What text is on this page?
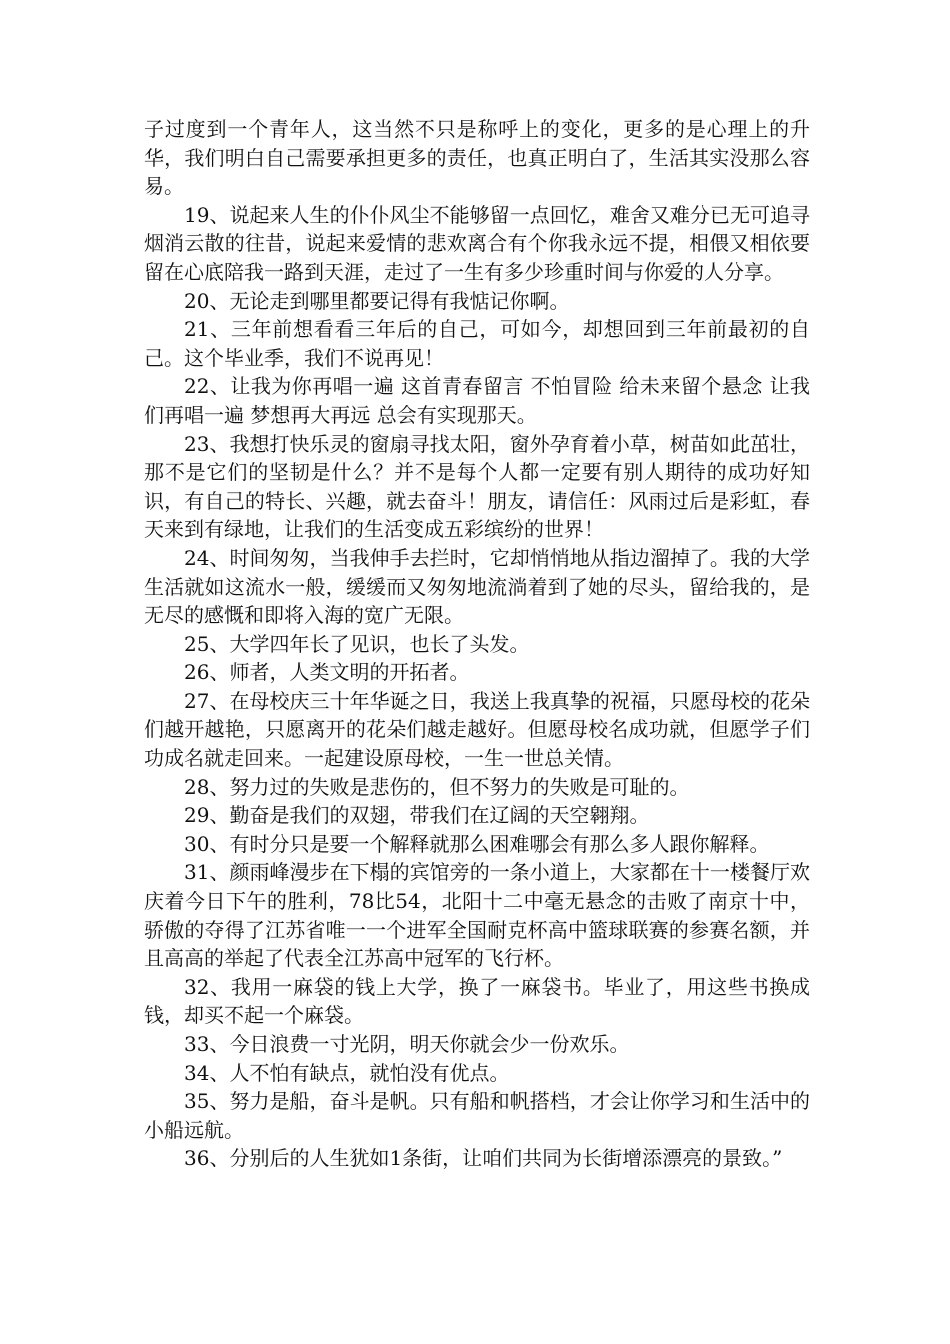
子过度到一个青年人，这当然不只是称呼上的变化，更多的是心理上的升华，我们明白自己需要承担更多的责任，也真正明白了，生活其实没那么容易。

19、说起来人生的仆仆风尘不能够留一点回忆，难舍又难分已无可追寻烟消云散的往昔，说起来爱情的悲欢离合有个你我永远不提，相偎又相依要留在心底陪我一路到天涯，走过了一生有多少珍重时间与你爱的人分享。

20、无论走到哪里都要记得有我惦记你啊。

21、三年前想看看三年后的自己，可如今，却想回到三年前最初的自己。这个毕业季，我们不说再见！

22、让我为你再唱一遍 这首青春留言 不怕冒险 给未来留个悬念 让我们再唱一遍 梦想再大再远 总会有实现那天。

23、我想打快乐灵的窗扇寻找太阳，窗外孕育着小草，树苗如此茁壮，那不是它们的坚韧是什么？并不是每个人都一定要有别人期待的成功好知识，有自己的特长、兴趣，就去奋斗！朋友，请信任：风雨过后是彩虹，春天来到有绿地，让我们的生活变成五彩缤纷的世界！

24、时间匆匆，当我伸手去拦时，它却悄悄地从指边溜掉了。我的大学生活就如这流水一般，缓缓而又匆匆地流淌着到了她的尽头，留给我的，是无尽的感慨和即将入海的宽广无限。

25、大学四年长了见识，也长了头发。

26、师者，人类文明的开拓者。

27、在母校庆三十年华诞之日，我送上我真挚的祝福，只愿母校的花朵们越开越艳，只愿离开的花朵们越走越好。但愿母校名成功就，但愿学子们功成名就走回来。一起建设原母校，一生一世总关情。

28、努力过的失败是悲伤的，但不努力的失败是可耻的。

29、勤奋是我们的双翅，带我们在辽阔的天空翱翔。

30、有时分只是要一个解释就那么困难哪会有那么多人跟你解释。

31、颜雨峰漫步在下榻的宾馆旁的一条小道上，大家都在十一楼餐厅欢庆着今日下午的胜利，78比54，北阳十二中毫无悬念的击败了南京十中，骄傲的夺得了江苏省唯一一个进军全国耐克杯高中篮球联赛的参赛名额，并且高高的举起了代表全江苏高中冠军的飞行杯。

32、我用一麻袋的钱上大学，换了一麻袋书。毕业了，用这些书换成钱，却买不起一个麻袋。

33、今日浪费一寸光阴，明天你就会少一份欢乐。

34、人不怕有缺点，就怕没有优点。

35、努力是船，奋斗是帆。只有船和帆搭档，才会让你学习和生活中的小船远航。

36、分别后的人生犹如1条街，让咱们共同为长街增添漂亮的景致。”
